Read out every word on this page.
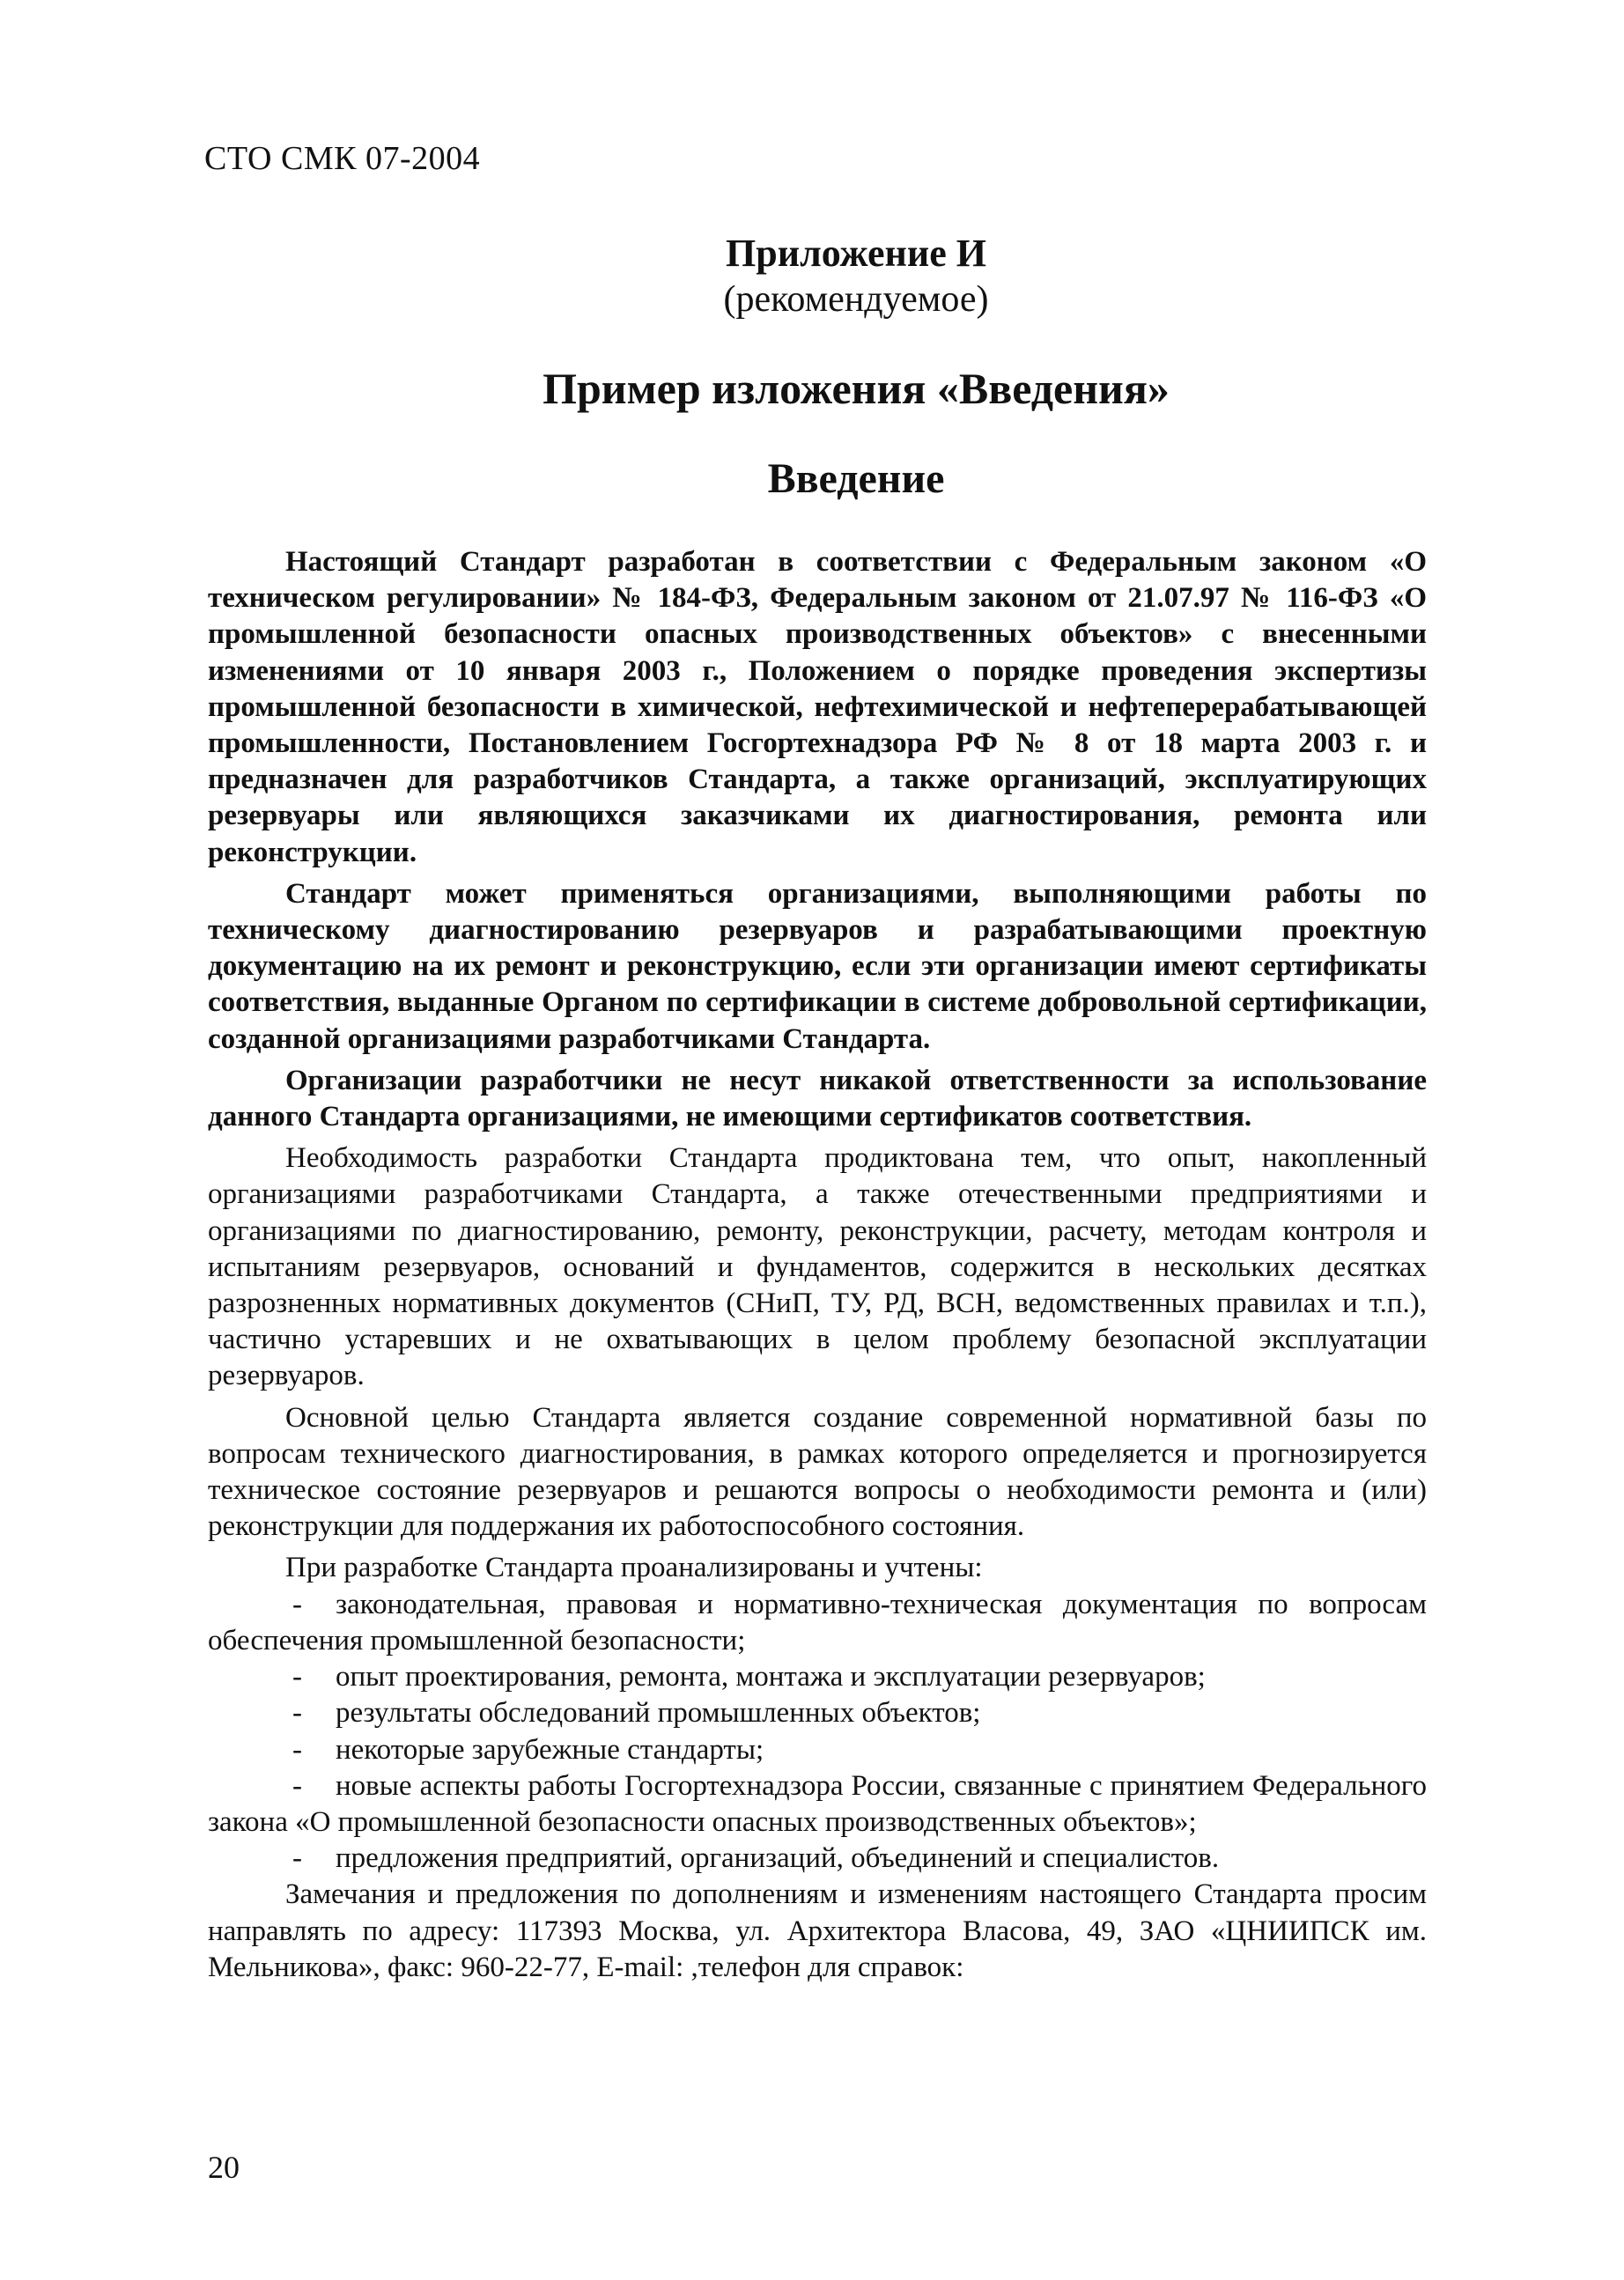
СТО СМК 07-2004
Приложение И
(рекомендуемое)
Пример изложения «Введения»
Введение

Настоящий Стандарт разработан в соответствии с Федеральным законом «О техническом регулировании» № 184-ФЗ, Федеральным законом от 21.07.97 № 116-ФЗ «О промышленной безопасности опасных производственных объектов» с внесенными изменениями от 10 января 2003 г., Положением о порядке проведения экспертизы промышленной безопасности в химической, нефтехимической и нефтеперерабатывающей промышленности, Постановлением Госгортехнадзора РФ № 8 от 18 марта 2003 г. и предназначен для разработчиков Стандарта, а также организаций, эксплуатирующих резервуары или являющихся заказчиками их диагностирования, ремонта или реконструкции.

Стандарт может применяться организациями, выполняющими работы по техническому диагностированию резервуаров и разрабатывающими проектную документацию на их ремонт и реконструкцию, если эти организации имеют сертификаты соответствия, выданные Органом по сертификации в системе добровольной сертификации, созданной организациями разработчиками Стандарта.

Организации разработчики не несут никакой ответственности за использование данного Стандарта организациями, не имеющими сертификатов соответствия.

Необходимость разработки Стандарта продиктована тем, что опыт, накопленный организациями разработчиками Стандарта, а также отечественными предприятиями и организациями по диагностированию, ремонту, реконструкции, расчету, методам контроля и испытаниям резервуаров, оснований и фундаментов, содержится в нескольких десятках разрозненных нормативных документов (СНиП, ТУ, РД, ВСН, ведомственных правилах и т.п.), частично устаревших и не охватывающих в целом проблему безопасной эксплуатации резервуаров.

Основной целью Стандарта является создание современной нормативной базы по вопросам технического диагностирования, в рамках которого определяется и прогнозируется техническое состояние резервуаров и решаются вопросы о необходимости ремонта и (или) реконструкции для поддержания их работоспособного состояния.

При разработке Стандарта проанализированы и учтены:

-	законодательная, правовая и нормативно-техническая документация по вопросам обеспечения промышленной безопасности;
-	опыт проектирования, ремонта, монтажа и эксплуатации резервуаров;
-	результаты обследований промышленных объектов;
-	некоторые зарубежные стандарты;
-	новые аспекты работы Госгортехнадзора России, связанные с принятием Федерального закона «О промышленной безопасности опасных производственных объектов»;
-	предложения предприятий, организаций, объединений и специалистов.

Замечания и предложения по дополнениям и изменениям настоящего Стандарта просим направлять по адресу: 117393 Москва, ул. Архитектора Власова, 49, ЗАО «ЦНИИПСК им. Мельникова», факс: 960-22-77, E-mail: ,телефон для справок:

20
